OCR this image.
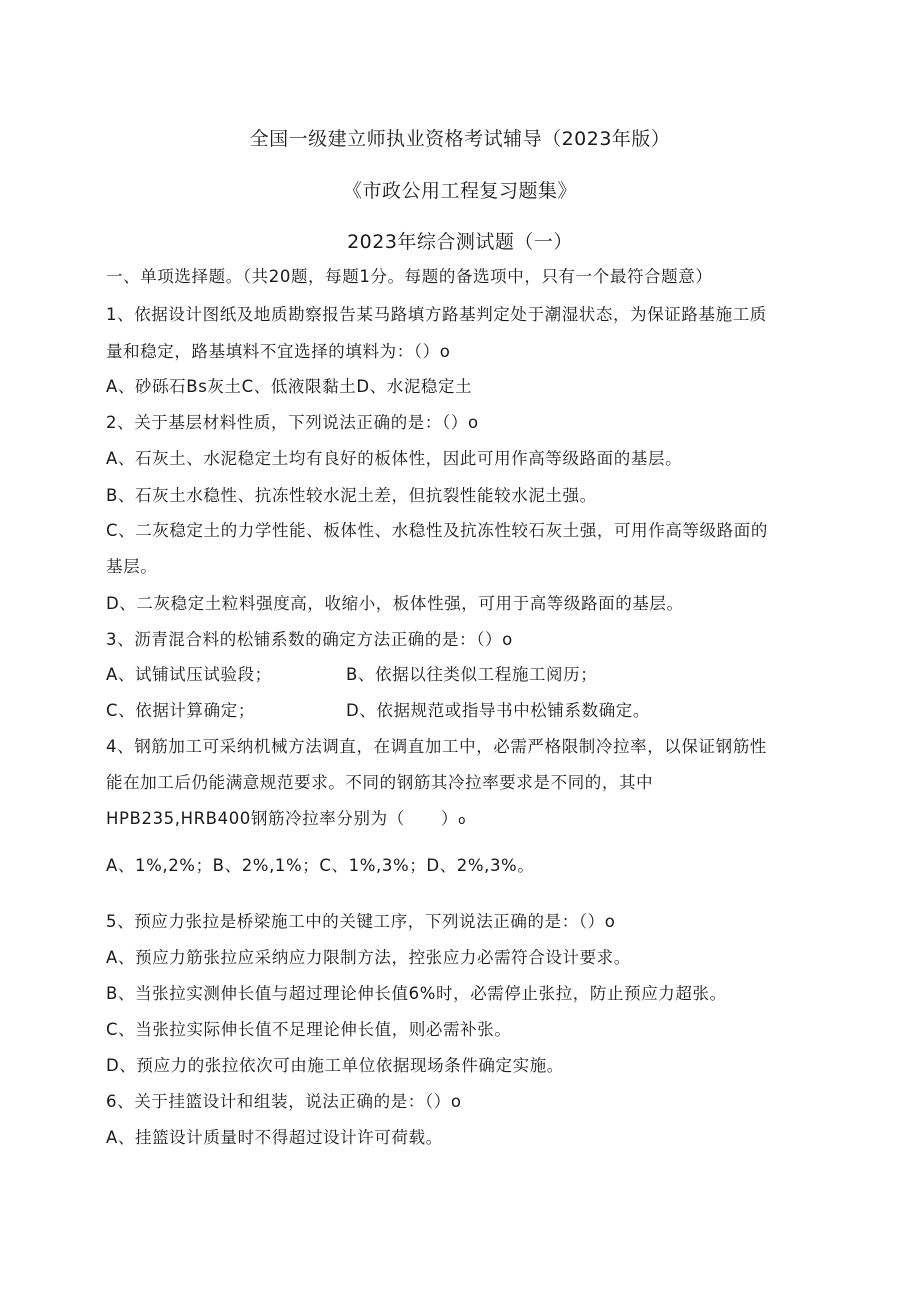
全国一级建立师执业资格考试辅导（2023年版）
《市政公用工程复习题集》
2023年综合测试题（一）
一、单项选择题。（共20题，每题1分。每题的备选项中，只有一个最符合题意）
1、依据设计图纸及地质勘察报告某马路填方路基判定处于潮湿状态，为保证路基施工质
量和稳定，路基填料不宜选择的填料为：（）o
A、砂砾石Bs灰土C、低液限黏土D、水泥稳定土
2、关于基层材料性质，下列说法正确的是：（）o
A、石灰土、水泥稳定土均有良好的板体性，因此可用作高等级路面的基层。
B、石灰土水稳性、抗冻性较水泥土差，但抗裂性能较水泥土强。
C、二灰稳定土的力学性能、板体性、水稳性及抗冻性较石灰土强，可用作高等级路面的
基层。
D、二灰稳定土粒料强度高，收缩小，板体性强，可用于高等级路面的基层。
3、沥青混合料的松铺系数的确定方法正确的是：（）o
A、试铺试压试验段；	B、依据以往类似工程施工阅历；
C、依据计算确定；	D、依据规范或指导书中松铺系数确定。
4、钢筋加工可采纳机械方法调直，在调直加工中，必需严格限制冷拉率，以保证钢筋性
能在加工后仍能满意规范要求。不同的钢筋其冷拉率要求是不同的，其中
HPB235,HRB400钢筋冷拉率分别为（ ）o
A、1%,2%；B、2%,1%；C、1%,3%；D、2%,3%。
5、预应力张拉是桥梁施工中的关键工序，下列说法正确的是：（）o
A、预应力筋张拉应采纳应力限制方法，控张应力必需符合设计要求。
B、当张拉实测伸长值与超过理论伸长值6%时，必需停止张拉，防止预应力超张。
C、当张拉实际伸长值不足理论伸长值，则必需补张。
D、预应力的张拉依次可由施工单位依据现场条件确定实施。
6、关于挂篮设计和组装，说法正确的是：（）o
A、挂篮设计质量时不得超过设计许可荷载。
